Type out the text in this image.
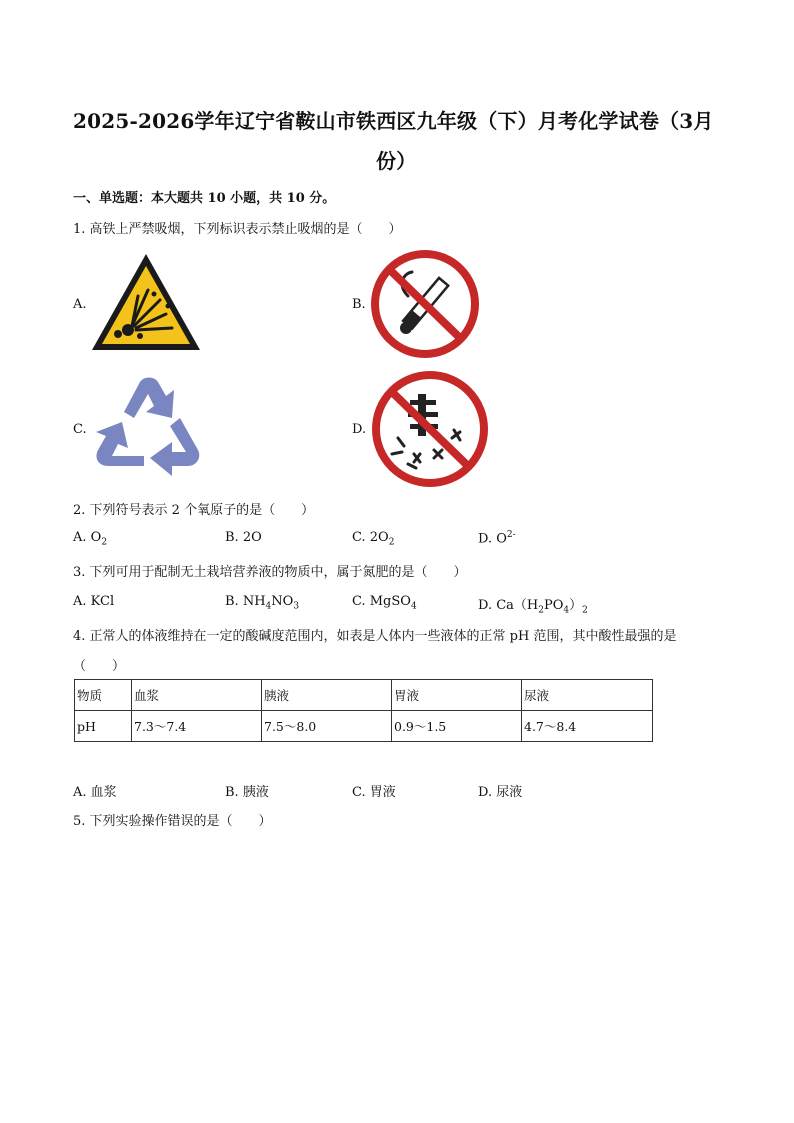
2025-2026学年辽宁省鞍山市铁西区九年级（下）月考化学试卷（3月
份）
一、单选题：本大题共 10 小题，共 10 分。
1. 高铁上严禁吸烟，下列标识表示禁止吸烟的是（　　）
A.	B.
C.	D.
2. 下列符号表示 2 个氧原子的是（　　）
A. $O_2$	B. 2O	C. $2O_2$	D. $O^{2-}$
3. 下列可用于配制无土栽培营养液的物质中，属于氮肥的是（　　）
A. KCl	B. $NH_4NO_3$	C. MgSO$_4$	D. $Ca(H_2PO_4)_2$
4. 正常人的体液维持在一定的酸碱度范围内，如表是人体内一些液体的正常 pH 范围，其中酸性最强的是
（　　）
物质	血浆	胰液	胃液	尿液
pH	7.3～7.4	7.5～8.0	0.9～1.5	4.7～8.4
A. 血浆	B. 胰液	C. 胃液	D. 尿液
5. 下列实验操作错误的是（　　）
